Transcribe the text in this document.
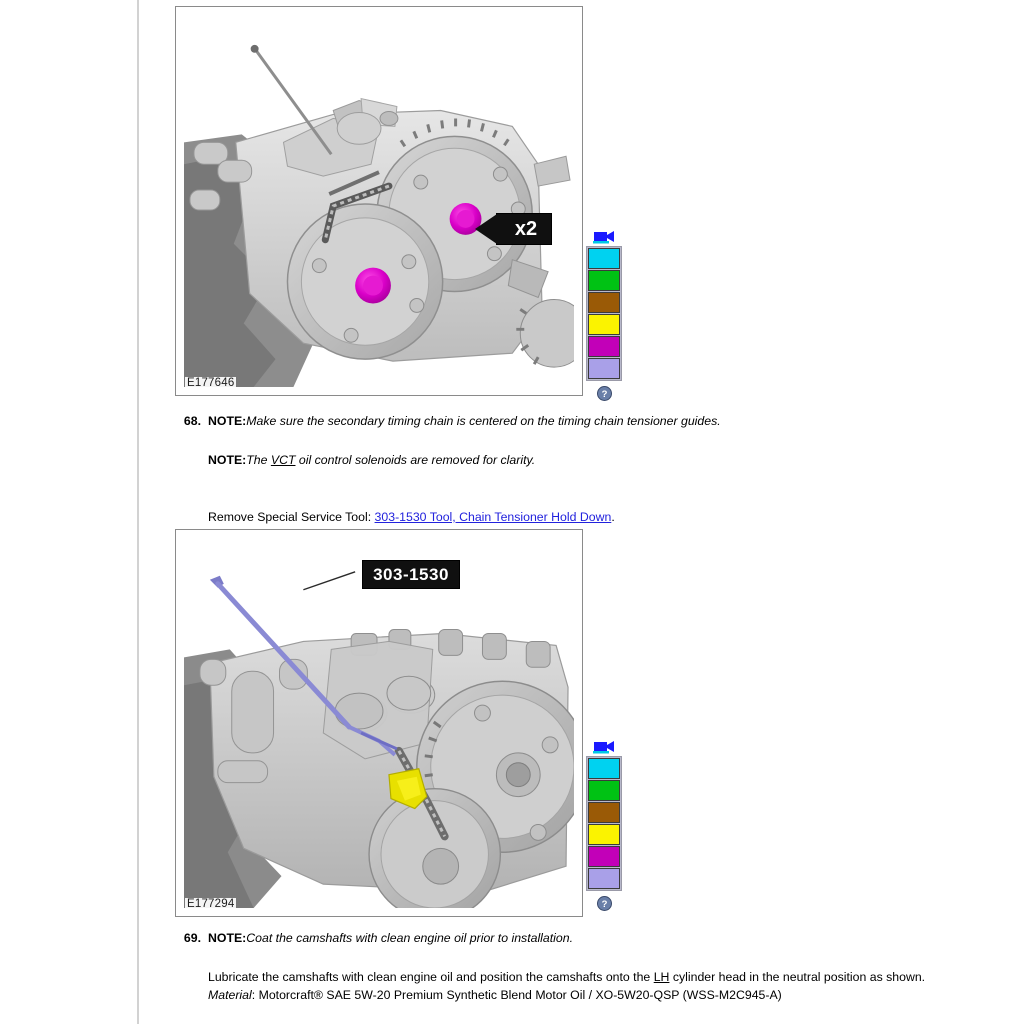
x2
E177646
?
68. NOTE:Make sure the secondary timing chain is centered on the timing chain tensioner guides.
NOTE:The VCT oil control solenoids are removed for clarity.
Remove Special Service Tool: 303-1530 Tool, Chain Tensioner Hold Down.
303-1530
E177294	?
69. NOTE:Coat the camshafts with clean engine oil prior to installation.
Lubricate the camshafts with clean engine oil and position the camshafts onto the LH cylinder head in the neutral position as shown.
Material: Motorcraft® SAE 5W-20 Premium Synthetic Blend Motor Oil / XO-5W20-QSP (WSS-M2C945-A)
